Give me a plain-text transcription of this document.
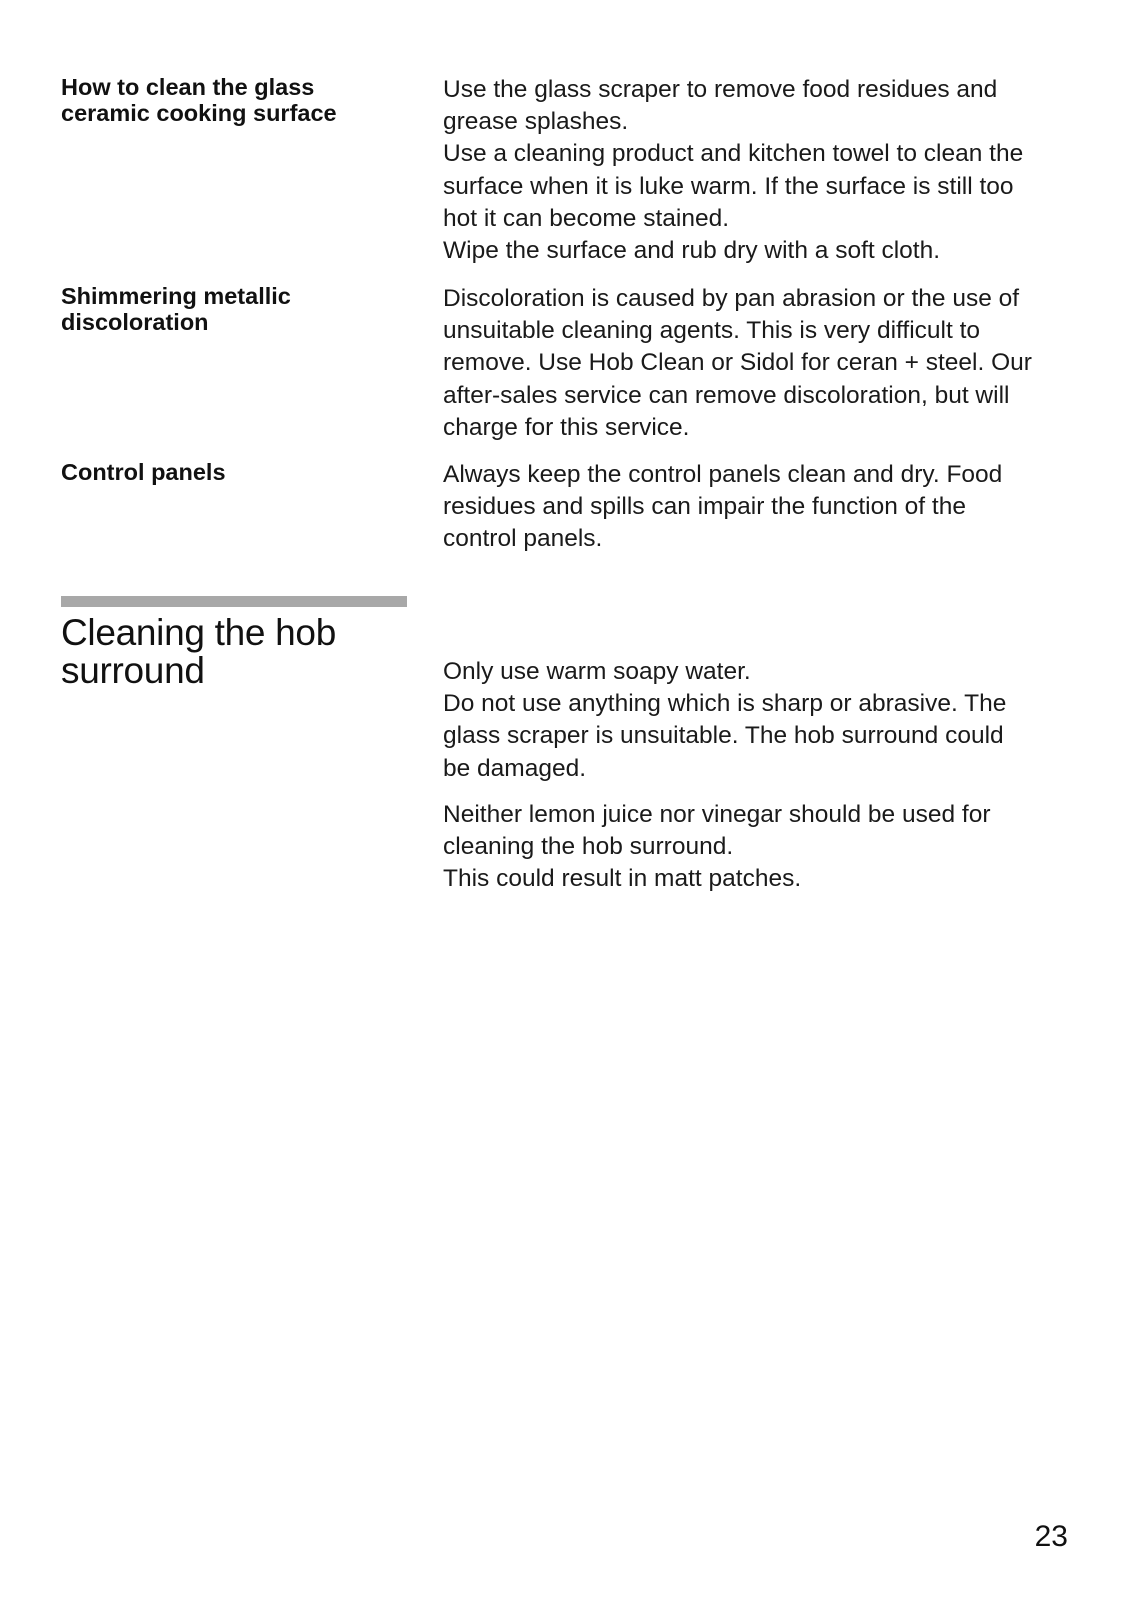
How to clean the glass
ceramic cooking surface
Use the glass scraper to remove food residues and
grease splashes.
Use a cleaning product and kitchen towel to clean the
surface when it is luke warm. If the surface is still too
hot it can become stained.
Wipe the surface and rub dry with a soft cloth.
Shimmering metallic
discoloration
Discoloration is caused by pan abrasion or the use of
unsuitable cleaning agents. This is very difficult to
remove. Use Hob Clean or Sidol for ceran + steel. Our
after-sales service can remove discoloration, but will
charge for this service.
Control panels	Always keep the control panels clean and dry. Food
residues and spills can impair the function of the
control panels.
Cleaning the hob
surround	Only use warm soapy water.
Do not use anything which is sharp or abrasive. The
glass scraper is unsuitable. The hob surround could
be damaged.
Neither lemon juice nor vinegar should be used for
cleaning the hob surround.
This could result in matt patches.
23
